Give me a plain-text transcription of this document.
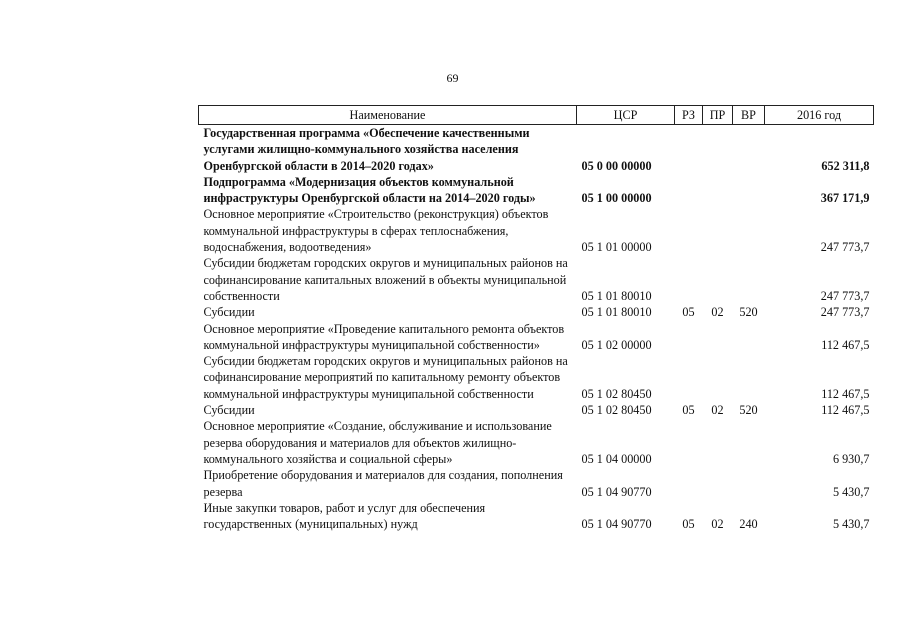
69
Наименование	ЦСР	РЗ	ПР	ВР	2016 год
Государственная программа «Обеспечение качественными услугами жилищно-коммунального хозяйства населения Оренбургской области в 2014–2020 годах»	05 0 00 00000				652 311,8
Подпрограмма «Модернизация объектов коммунальной инфраструктуры Оренбургской области на 2014–2020 годы»	05 1 00 00000				367 171,9
Основное мероприятие «Строительство (реконструкция) объектов коммунальной инфраструктуры в сферах теплоснабжения, водоснабжения, водоотведения»	05 1 01 00000				247 773,7
Субсидии бюджетам городских округов и муниципальных районов на софинансирование капитальных вложений в объекты муниципальной собственности	05 1 01 80010				247 773,7
Субсидии	05 1 01 80010	05	02	520	247 773,7
Основное мероприятие «Проведение капитального ремонта объектов коммунальной инфраструктуры муниципальной собственности»	05 1 02 00000				112 467,5
Субсидии бюджетам городских округов и муниципальных районов на софинансирование мероприятий по капитальному ремонту объектов коммунальной инфраструктуры муниципальной собственности	05 1 02 80450				112 467,5
Субсидии	05 1 02 80450	05	02	520	112 467,5
Основное мероприятие «Создание, обслуживание и использование резерва оборудования и материалов для объектов жилищно-коммунального хозяйства и социальной сферы»	05 1 04 00000				6 930,7
Приобретение оборудования и материалов для создания, пополнения резерва	05 1 04 90770				5 430,7
Иные закупки товаров, работ и услуг для обеспечения государственных (муниципальных) нужд	05 1 04 90770	05	02	240	5 430,7
